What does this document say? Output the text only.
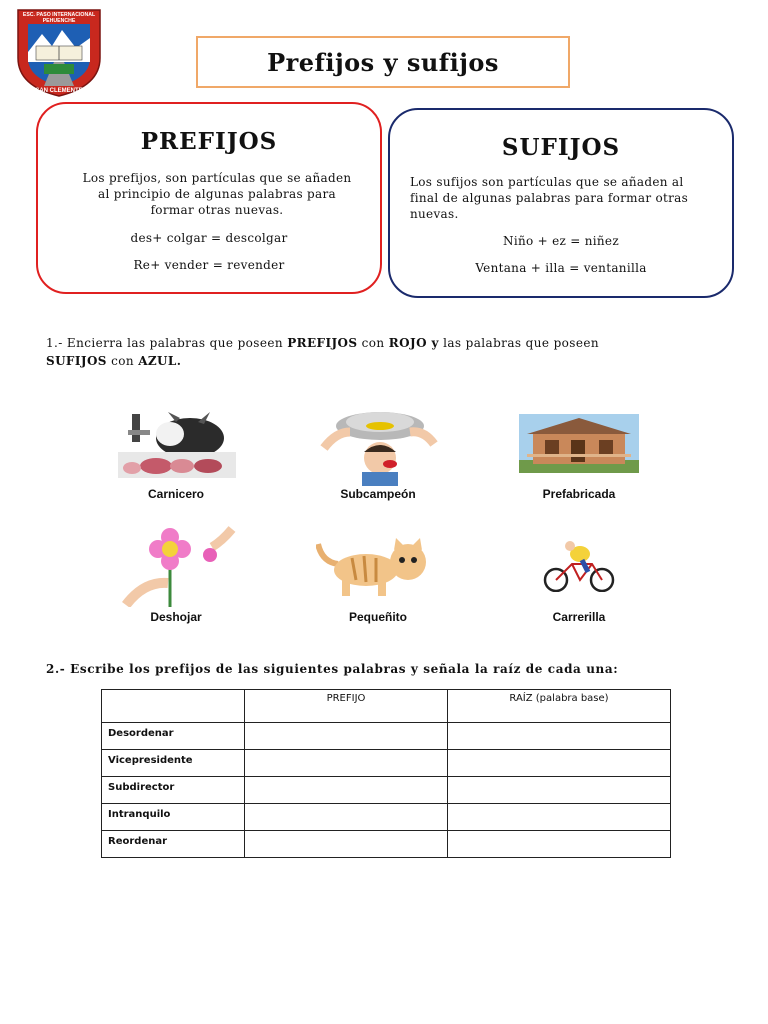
ESC. PASO INTERNACIONAL
PEHUENCHE
SAN CLEMENTE
Prefijos y sufijos
PREFIJOS

Los prefijos, son partículas que se añaden al principio de algunas palabras para formar otras nuevas.

des+ colgar = descolgar

Re+ vender = revender

SUFIJOS

Los sufijos son partículas que se añaden al final de algunas palabras para formar otras nuevas.

Niño + ez = niñez

Ventana + illa = ventanilla

1.- Encierra las palabras que poseen PREFIJOS con ROJO y las palabras que poseen
SUFIJOS con AZUL.
Carnicero	Subcampeón	Prefabricada
Deshojar	Pequeñito	Carrerilla
2.- Escribe los prefijos de las siguientes palabras y señala la raíz de cada una:
	PREFIJO	RAÍZ (palabra base)
Desordenar		
Vicepresidente		
Subdirector		
Intranquilo		
Reordenar		
